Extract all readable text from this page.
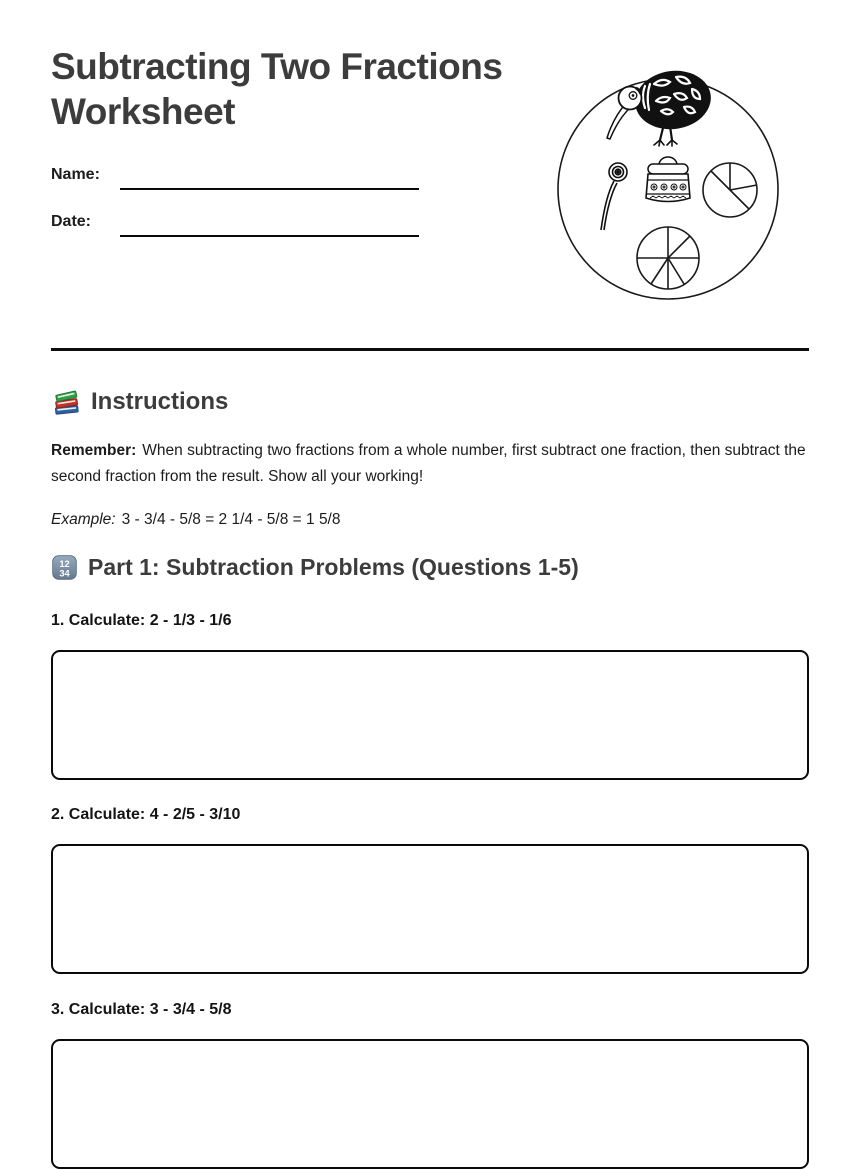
Subtracting Two Fractions Worksheet
Name:
Date:
Instructions

Remember: When subtracting two fractions from a whole number, first subtract one fraction, then subtract the second fraction from the result. Show all your working!

Example: 3 - 3/4 - 5/8 = 2 1/4 - 5/8 = 1 5/8

12
34 Part 1: Subtraction Problems (Questions 1-5)
1. Calculate: 2 - 1/3 - 1/6
2. Calculate: 4 - 2/5 - 3/10
3. Calculate: 3 - 3/4 - 5/8
